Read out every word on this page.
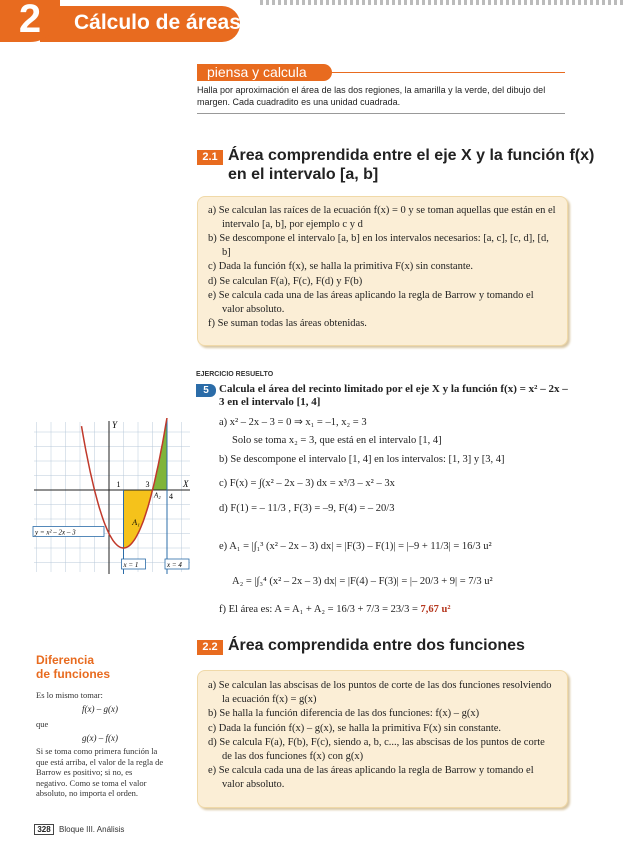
2	Cálculo de áreas
piensa y calcula
Halla por aproximación el área de las dos regiones, la amarilla y la verde, del dibujo del margen. Cada cuadradito es una unidad cuadrada.
2.1 Área comprendida entre el eje X y la función f(x)
en el intervalo [a, b]
a) Se calculan las raíces de la ecuación f(x) = 0 y se toman aquellas que están en el intervalo [a, b], por ejemplo c y d
b) Se descompone el intervalo [a, b] en los intervalos necesarios: [a, c], [c, d], [d, b]
c) Dada la función f(x), se halla la primitiva F(x) sin constante.
d) Se calculan F(a), F(c), F(d) y F(b)
e) Se calcula cada una de las áreas aplicando la regla de Barrow y tomando el valor absoluto.
f) Se suman todas las áreas obtenidas.
EJERCICIO RESUELTO
5 Calcula el área del recinto limitado por el eje X y la función f(x) = x² – 2x – 3 en el intervalo [1, 4]
a) x² – 2x – 3 = 0 ⇒ x₁ = –1, x₂ = 3
Solo se toma x₂ = 3, que está en el intervalo [1, 4]
b) Se descompone el intervalo [1, 4] en los intervalos: [1, 3] y [3, 4]
c) F(x) = ∫(x² – 2x – 3) dx = x³/3 – x² – 3x
d) F(1) = – 11/3 , F(3) = –9, F(4) = – 20/3
e) A₁ = |∫₁³ (x² – 2x – 3) dx| = |F(3) – F(1)| = |–9 + 11/3| = 16/3 u²
A₂ = |∫₃⁴ (x² – 2x – 3) dx| = |F(4) – F(3)| = |– 20/3 + 9| = 7/3 u²
f) El área es: A = A₁ + A₂ = 16/3 + 7/3 = 23/3 = 7,67 u²
Y
X
1	3
4
y = x² – 2x – 3
A₁
A₂
x = 1	x = 4
2.2 Área comprendida entre dos funciones
a) Se calculan las abscisas de los puntos de corte de las dos funciones resolviendo la ecuación f(x) = g(x)
b) Se halla la función diferencia de las dos funciones: f(x) – g(x)
c) Dada la función f(x) – g(x), se halla la primitiva F(x) sin constante.
d) Se calcula F(a), F(b), F(c), siendo a, b, c..., las abscisas de los puntos de corte de las dos funciones f(x) con g(x)
e) Se calcula cada una de las áreas aplicando la regla de Barrow y tomando el valor absoluto.
Diferencia
de funciones
Es lo mismo tomar:
f(x) – g(x)
que
g(x) – f(x)
Si se toma como primera función la que está arriba, el valor de la regla de Barrow es positivo; si no, es negativo. Como se toma el valor absoluto, no importa el orden.
328	Bloque III. Análisis
